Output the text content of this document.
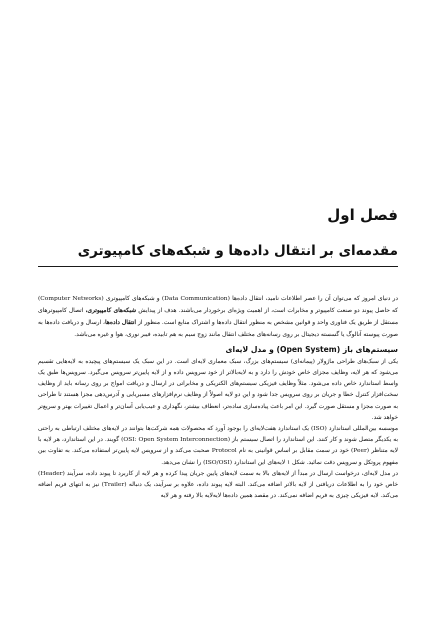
فصل اول
مقدمه‌ای بر انتقال داده‌ها و شبکه‌های کامپیوتری

در دنیای امروز که می‌توان آن را عصر اطلاعات نامید، انتقال داده‌ها (Data Communication) و شبکه‌های کامپیوتری (Computer Networks) که حاصل پیوند دو صنعت کامپیوتر و مخابرات است، از اهمیت ویژه‌ای برخوردار می‌باشند. هدف از پیدایش شبکه‌های کامپیوتری، اتصال کامپیوترهای مستقل از طریق یک فناوری واحد و قوانین مشخص به منظور انتقال داده‌ها و اشتراک منابع است. منظور از انتقال داده‌ها، ارسال و دریافت داده‌ها به صورت پیوسته آنالوگ یا گسسته دیجیتال بر روی رسانه‌های مختلف انتقال مانند زوج سیم به هم تابیده، فیبر نوری، هوا و غیره می‌باشد.

سیستم‌های باز (Open System) و مدل لایه‌ای

یکی از سبک‌های طراحی ماژولار (پیمانه‌ای) سیستم‌های بزرگ، سبک معماری لایه‌ای است. در این سبک یک سیستم‌های پیچیده به لایه‌هایی تقسیم می‌شود که هر لایه، وظایف مجزای خاص خودش را دارد و به لایه‌بالاتر از خود سرویس داده و از لایه پایین‌تر سرویس می‌گیرد. سرویس‌ها طبق یک واسط استاندارد خاص داده می‌شود. مثلاً وظایف فیزیکی سیستم‌های الکتریکی و مخابراتی در ارسال و دریافت امواج بر روی رسانه باید از وظایف سخت‌افزار کنترل خطا و جریان بر روی سرویس جدا شود و این دو لایه اصولاً از وظایف نرم‌افزارهای مسیریابی و آدرس‌دهی مجزا هستند تا طراحی به صورت مجزا و مستقل صورت گیرد. این امر باعث پیاده‌سازی ساده‌تر، انعطاف بیشتر، نگهداری و عیب‌یابی آسان‌تر و اعمال تغییرات بهتر و سریع‌تر خواهد شد.

موسسه بین‌المللی استاندارد (ISO) یک استاندارد هفت‌لایه‌ای را بوجود آورد که محصولات همه شرکت‌ها بتوانند در لایه‌های مختلف ارتباطی به راحتی به یکدیگر متصل شوند و کار کنند. این استاندارد را اتصال سیستم باز (OSI: Open System Interconnection) گویند. در این استاندارد، هر لایه با لایه متناظر (Peer) خود در سمت مقابل بر اساس قوانینی به نام Protocol صحبت می‌کند و از سرویس لایه پایین‌تر استفاده می‌کند. به تفاوت بین مفهوم پروتکل و سرویس دقت نمائید. شکل ۱ لایه‌های این استاندارد (ISO/OSI) را نشان می‌دهد.

در مدل لایه‌ای، درخواست ارسال در مبدأ از لایه‌های بالا به سمت لایه‌های پایین جریان پیدا کرده و هر لایه از کاربرد تا پیوند داده، سرآیند (Header) خاص خود را به اطلاعات دریافتی از لایه بالاتر اضافه می‌کند. البته لایه پیوند داده، علاوه بر سرآیند، یک دنباله (Trailer) نیز به انتهای فریم اضافه می‌کند. لایه فیزیکی چیزی به فریم اضافه نمی‌کند. در مقصد همین داده‌ها لایه‌لایه بالا رفته و هر لایه
